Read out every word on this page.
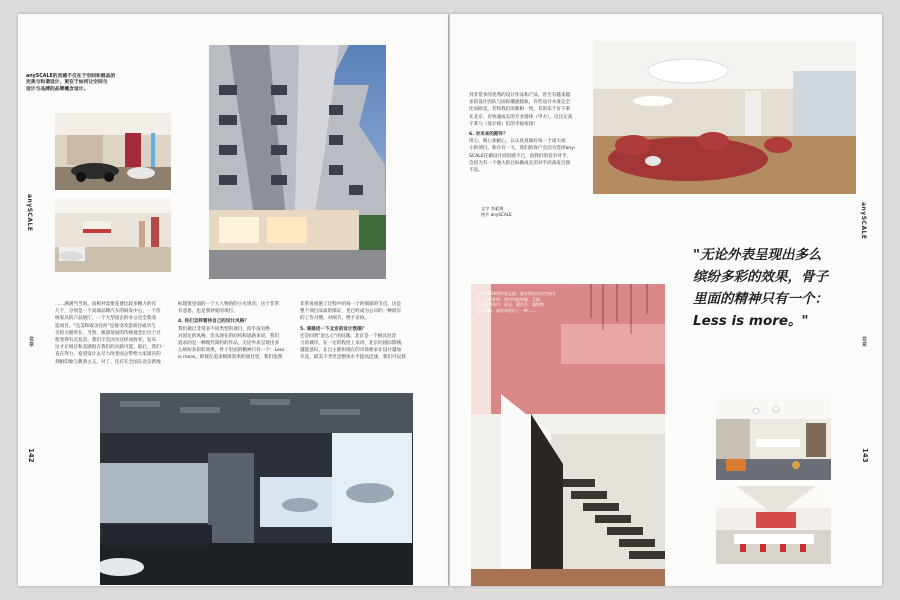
anySCALE的灵感不仅在于空间和展品的
完美与和谐设计，更在于如何让空间与
设计与品牌的品牌概念设计。

……满满当当的。而相对需要花费比较多精力的有

几个，分别是一个高端品牌汽车的研发中心、一个传

统家具的产品展厅、一个大型国企的办公室全新改

造项目。"完美和取舍任何"是接受改造项目或功与

否的关键所在。当然，根深蒂固的传统观念让这个过

程变得有点复杂。我们不会因为这样而放弃。发布

这才让项目和美感很在我们的关联可能。最后，我们一

直在努力，希望设计去尽力改变国企带给大家固有的

刻板印象与教条主义。对了，还有在全国在北京新地

标建筑里面的一个大人物的的小水果店，这个非常

有意思，也是我钟爱的项目。

4. 你们怎样看待自己的设计风格？

我们做过非常多不同类型的项目，似乎没有绝

对固定的风格，但从现在的结构和思路来说，我们

追求的是一种现代简约的作品，无论外表呈现出多

么缤纷多彩的效果，骨子里面的精神只有一个：Less

is more。即使在追求极简效果的项目里，我们依然

非常看重施工过程中的每一个的细部的节点，这是

整个项目品质的保证，也已经成为公司的一种原有

的工作习惯，对细节，绝不妥协。

5. 请描述一下北京的设计氛围？

还是回到"退么心"的问题。北京是一个极具包容

力的城市，在一定的程度上来讲，北京的国际影响，

越能意识，在自主催和现在的市场要求让设计越加

开花，最美不齐但是整体水平提高迅速，我们可以找

anySCALE
北京
142

到非常多的优秀的设计作品和产品，甚至有越来越

多的设计团队与国际潮流接轨，有些设计水准完全

比肩欧美，若和我们的新相一致，有的乐于有千莱

在北京，有快速成长的专业群体（甲方），这注定高

千莱马（设计师）们的幸福家园！

6. 对未来的期许？

用心，细心加耐心，认认真真做好每一个成大成

小的项目。和在有一天，我们的客户会因为选择any-

SCALE任做设计而倍感不已，而我们的竞争对手，

会因为有一个强大的目标做成长的对手而备发自强

不息。

文字 李素梅

图片 anySCALE

"无论外表呈现出多么
缤纷多彩的效果，骨子
里面的精神只有一个：
Less is more。"
三要车SOHO形象总部，素材简洁采的空间分
布，色彩鲜明，使用功能明确、互联、
使不同空间中，彰显、暖色系，超级特
色，能拘、最终体现出了一种……
anySCALE
北京
143
